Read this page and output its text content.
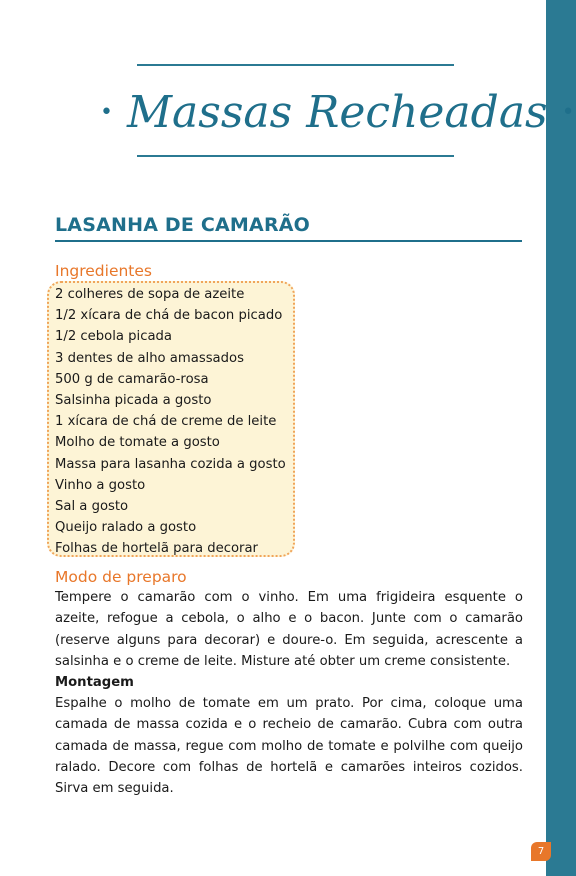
• Massas Recheadas •
LASANHA DE CAMARÃO
Ingredientes
2 colheres de sopa de azeite
1/2 xícara de chá de bacon picado
1/2 cebola picada
3 dentes de alho amassados
500 g de camarão-rosa
Salsinha picada a gosto
1 xícara de chá de creme de leite
Molho de tomate a gosto
Massa para lasanha cozida a gosto
Vinho a gosto
Sal a gosto
Queijo ralado a gosto
Folhas de hortelã para decorar
Modo de preparo

Tempere o camarão com o vinho. Em uma frigideira esquente o azeite, refogue a cebola, o alho e o bacon. Junte com o camarão (reserve alguns para decorar) e doure-o. Em seguida, acrescente a salsinha e o creme de leite. Misture até obter um creme consistente.

Montagem

Espalhe o molho de tomate em um prato. Por cima, coloque uma camada de massa cozida e o recheio de camarão. Cubra com outra camada de massa, regue com molho de tomate e polvilhe com queijo ralado. Decore com folhas de hortelã e camarões inteiros cozidos. Sirva em seguida.

7
